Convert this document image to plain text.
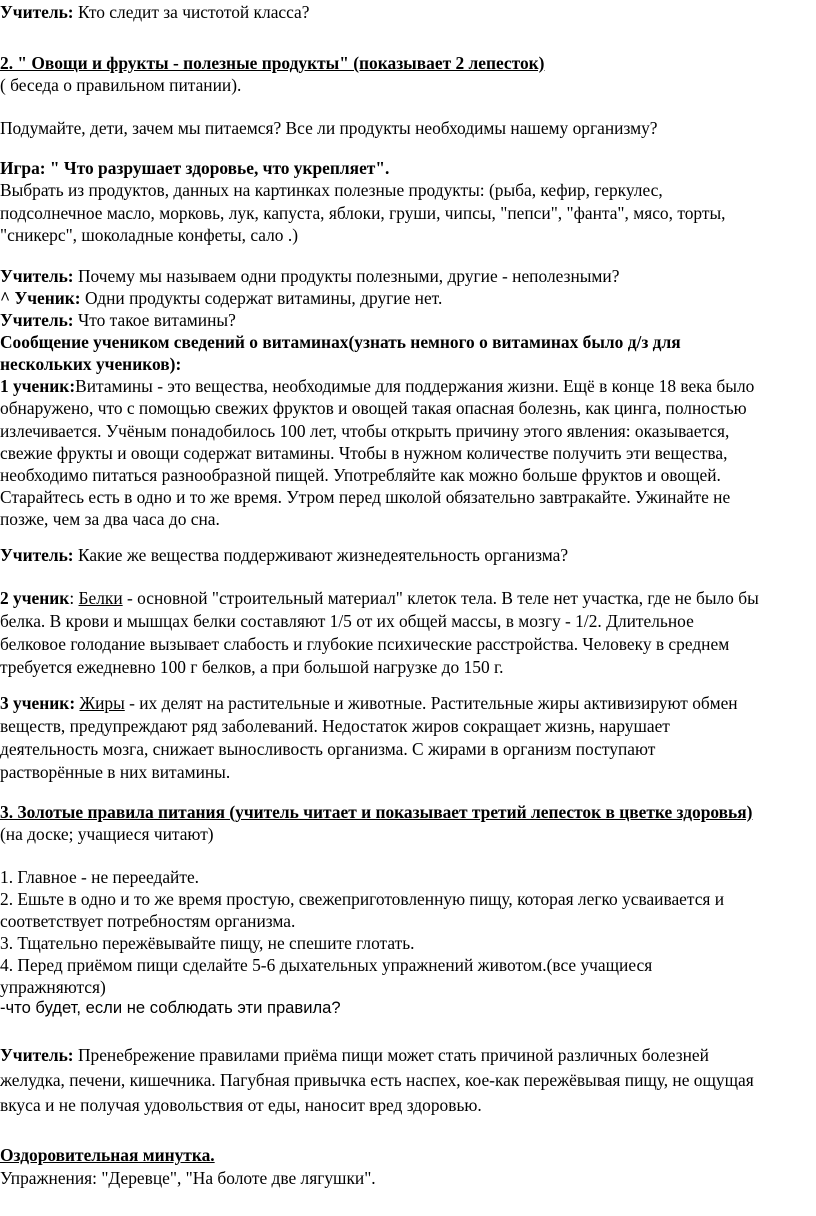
Учитель: Кто следит за чистотой класса?
2. " Овощи и фрукты - полезные продукты" (показывает 2 лепесток)
( беседа о правильном питании).
Подумайте, дети, зачем мы питаемся? Все ли продукты необходимы нашему организму?
Игра: " Что разрушает здоровье, что укрепляет".
Выбрать из продуктов, данных на картинках полезные продукты: (рыба, кефир, геркулес,
подсолнечное масло, морковь, лук, капуста, яблоки, груши, чипсы, "пепси", "фанта", мясо, торты,
"сникерс", шоколадные конфеты, сало .)
Учитель: Почему мы называем одни продукты полезными, другие - неполезными?
^ Ученик: Одни продукты содержат витамины, другие нет.
Учитель: Что такое витамины?
Сообщение учеником сведений о витаминах(узнать немного о витаминах было д/з для
нескольких учеников):
1 ученик:Витамины - это вещества, необходимые для поддержания жизни. Ещё в конце 18 века было
обнаружено, что с помощью свежих фруктов и овощей такая опасная болезнь, как цинга, полностью
излечивается. Учёным понадобилось 100 лет, чтобы открыть причину этого явления: оказывается,
свежие фрукты и овощи содержат витамины. Чтобы в нужном количестве получить эти вещества,
необходимо питаться разнообразной пищей. Употребляйте как можно больше фруктов и овощей.
Старайтесь есть в одно и то же время. Утром перед школой обязательно завтракайте. Ужинайте не
позже, чем за два часа до сна.
Учитель: Какие же вещества поддерживают жизнедеятельность организма?
2 ученик: Белки - основной "строительный материал" клеток тела. В теле нет участка, где не было бы
белка. В крови и мышцах белки составляют 1/5 от их общей массы, в мозгу - 1/2. Длительное
белковое голодание вызывает слабость и глубокие психические расстройства. Человеку в среднем
требуется ежедневно 100 г белков, а при большой нагрузке до 150 г.
3 ученик: Жиры - их делят на растительные и животные. Растительные жиры активизируют обмен
веществ, предупреждают ряд заболеваний. Недостаток жиров сокращает жизнь, нарушает
деятельность мозга, снижает выносливость организма. С жирами в организм поступают
растворённые в них витамины.
3. Золотые правила питания (учитель читает и показывает третий лепесток в цветке здоровья)
(на доске; учащиеся читают)
1. Главное - не переедайте.
2. Ешьте в одно и то же время простую, свежеприготовленную пищу, которая легко усваивается и
соответствует потребностям организма.
3. Тщательно пережёвывайте пищу, не спешите глотать.
4. Перед приёмом пищи сделайте 5-6 дыхательных упражнений животом.(все учащиеся
упражняются)
-что будет, если не соблюдать эти правила?
Учитель: Пренебрежение правилами приёма пищи может стать причиной различных болезней
желудка, печени, кишечника. Пагубная привычка есть наспех, кое-как пережёвывая пищу, не ощущая
вкуса и не получая удовольствия от еды, наносит вред здоровью.
Оздоровительная минутка.
Упражнения: "Деревце", "На болоте две лягушки".
